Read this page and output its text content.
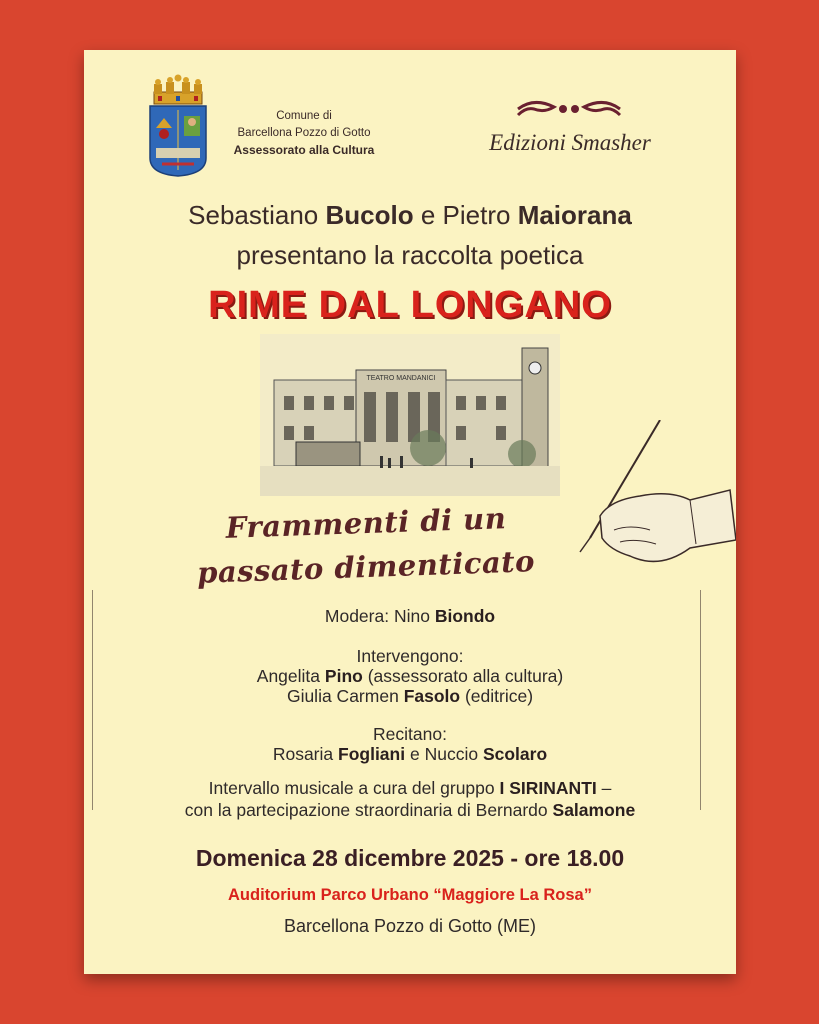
Comune di
Barcellona Pozzo di Gotto
Assessorato alla Cultura	Edizioni Smasher
Sebastiano Bucolo e Pietro Maiorana
presentano la raccolta poetica
RIME DAL LONGANO
TEATRO MANDANICI
Frammenti di un
passato dimenticato
Modera: Nino Biondo
Intervengono:
Angelita Pino (assessorato alla cultura)
Giulia Carmen Fasolo (editrice)
Recitano:
Rosaria Fogliani e Nuccio Scolaro
Intervallo musicale a cura del gruppo I SIRINANTI –
con la partecipazione straordinaria di Bernardo Salamone
Domenica 28 dicembre 2025 - ore 18.00
Auditorium Parco Urbano “Maggiore La Rosa”
Barcellona Pozzo di Gotto (ME)
